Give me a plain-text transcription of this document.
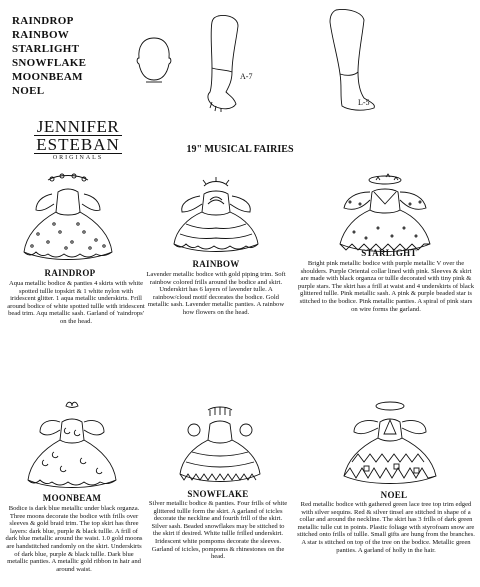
RAINDROP
RAINBOW
STARLIGHT
SNOWFLAKE
MOONBEAM
NOEL
A-7
L-5
JENNIFER
ESTEBAN
ORIGINALS
19" MUSICAL FAIRIES
RAINDROP
Aqua metallic bodice & panties 4 skirts with white spotted tullle topskirt & 1 white nylon with iridescent glitter. 1 aqua metallic underskirts. Frill around bodice of white spotted tullle with iridescent bead trim. Aqu metallic sash. Garland of 'raindrops' on the head.
RAINBOW
Lavender metallic bodice with gold piping trim. Soft rainbow colored frills around the bodice and skirt. Underskirt has 6 layers of lavender tulle. A rainbow/cloud motif decorates the bodice. Gold metallic sash. Lavender metallic panties. A rainbow how flowers on the head.
STARLIGHT
Bright pink metallic bodice with purple metallic V over the shoulders. Purple Oriental collar lined with pink. Sleeves & skirt are made with black organza or tullle decorated with tiny pink & purple stars. The skirt has a frill at waist and 4 underskirts of black glittered tullle. Pink metallic sash. A pink & purple beaded star is stitched to the bodice. Pink metallic panties. A spiral of pink stars on wire forms the garland.
MOONBEAM
Bodice is dark blue metallic under black organza. Three moons decorate the bodice with frills over sleeves & gold braid trim. The top skirt has three layers: dark blue, purple & black tullle. A frill of dark blue metallic around the waist. 1.0 gold moons are handstitched randomly on the skirt. Underskirts of dark blue, purple & black tullle. Dark blue metallic panties. A metallic gold ribbon in hair and around waist.
SNOWFLAKE
Silver metallic bodice & panties. Four frills of white glittered tullle form the skirt. A garland of icicles decorate the neckline and fourth frill of the skirt. Silver sash. Beaded snowflakes may be stitched to the skirt if desired. White tullle frilled underskirt. Iridescent white pompoms decorate the sleeves. Garland of icicles, pompoms & rhinestones on the head.
NOEL
Red metallic bodice with gathered green lace tree top trim edged with silver sequins. Red & silver tinsel are stitched in shape of a collar and around the neckline. The skirt has 3 frills of dark green metallic tulle cut in points. Plastic foliage with styrofoam snow are stitched onto frills of tullle. Small gifts are hung from the branches. A star is stitched on top of the tree on the bodice. Metallic green panties. A garland of holly in the hair.
